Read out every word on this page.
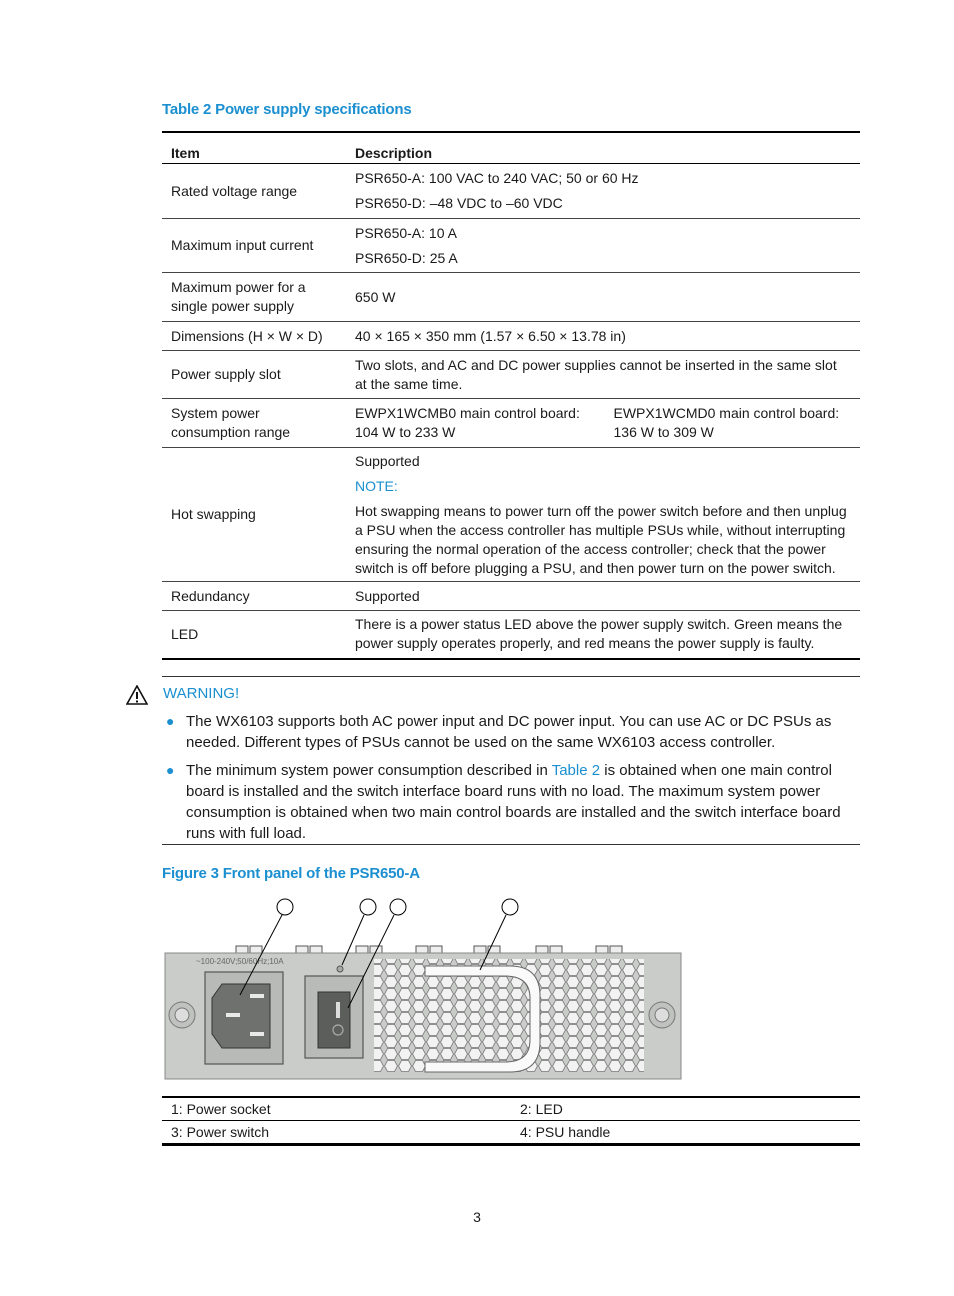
Table 2 Power supply specifications
Item	Description
Rated voltage range	PSR650-A: 100 VAC to 240 VAC; 50 or 60 Hz
PSR650-D: –48 VDC to –60 VDC

Maximum input current	PSR650-A: 10 A
PSR650-D: 25 A

Maximum power for a single power supply	650 W
Dimensions (H × W × D)	40 × 165 × 350 mm (1.57 × 6.50 × 13.78 in)
Power supply slot	Two slots, and AC and DC power supplies cannot be inserted in the same slot at the same time.
System power consumption range	EWPX1WCMB0 main control board: 104 W to 233 W
EWPX1WCMD0 main control board: 136 W to 309 W

Hot swapping	Supported
NOTE:
Hot swapping means to power turn off the power switch before and then unplug a PSU when the access controller has multiple PSUs while, without interrupting ensuring the normal operation of the access controller; check that the power switch is off before plugging a PSU, and then power turn on the power switch.

Redundancy	Supported
LED	There is a power status LED above the power supply switch. Green means the power supply operates properly, and red means the power supply is faulty.
WARNING!
● The WX6103 supports both AC power input and DC power input. You can use AC or DC PSUs as needed. Different types of PSUs cannot be used on the same WX6103 access controller.
● The minimum system power consumption described in Table 2 is obtained when one main control board is installed and the switch interface board runs with no load. The maximum system power consumption is obtained when two main control boards are installed and the switch interface board runs with full load.
Figure 3 Front panel of the PSR650-A
~100-240V;50/60Hz;10A
1: Power socket	2: LED
3: Power switch	4: PSU handle
3
